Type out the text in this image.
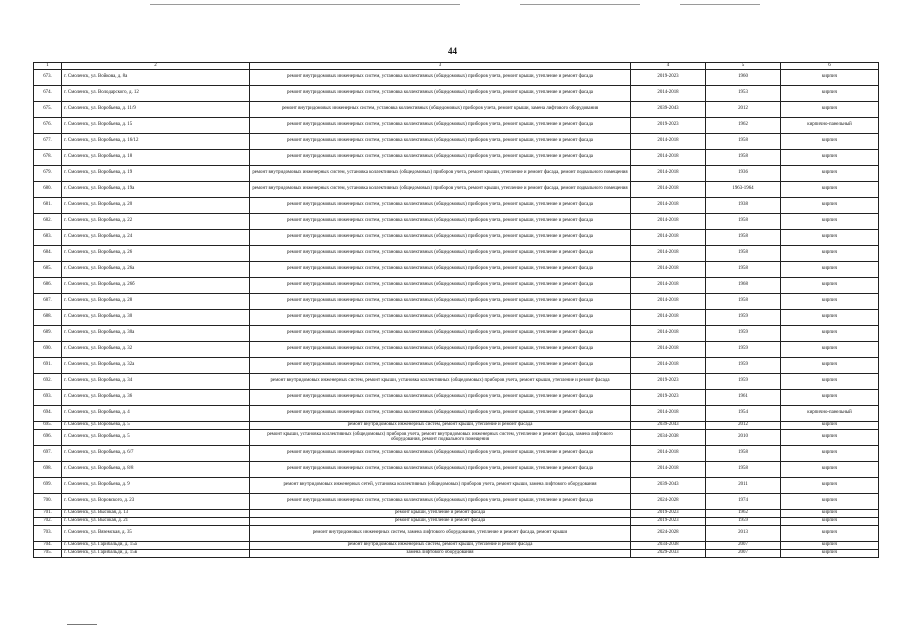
44
1	2	3	4	5	6
673.	г. Смоленск, ул. Войкова, д. 8а	ремонт внутридомовых инженерных систем, установка коллективных (общедомовых) приборов учета, ремонт крыши, утепление и ремонт фасада	2019-2023	1960	кирпич
674.	г. Смоленск, ул. Володарского, д. 12	ремонт внутридомовых инженерных систем, установка коллективных (общедомовых) приборов учета, ремонт крыши, утепление и ремонт фасада	2014-2018	1953	кирпич
675.	г. Смоленск, ул. Воробьева, д. 11/9	ремонт внутридомовых инженерных систем, установка коллективных (общедомовых) приборов учета, ремонт крыши, замена лифтового оборудования	2039-2043	2012	кирпич
676.	г. Смоленск, ул. Воробьева, д. 15	ремонт внутридомовых инженерных систем, установка коллективных (общедомовых) приборов учета, ремонт крыши, утепление и ремонт фасада	2019-2023	1962	кирпично-панельный
677.	г. Смоленск, ул. Воробьева, д. 16/12	ремонт внутридомовых инженерных систем, установка коллективных (общедомовых) приборов учета, ремонт крыши, утепление и ремонт фасада	2014-2018	1958	кирпич
678.	г. Смоленск, ул. Воробьева, д. 18	ремонт внутридомовых инженерных систем, установка коллективных (общедомовых) приборов учета, ремонт крыши, утепление и ремонт фасада	2014-2018	1958	кирпич
679.	г. Смоленск, ул. Воробьева, д. 19	ремонт внутридомовых инженерных систем, установка коллективных (общедомовых) приборов учета, ремонт крыши, утепление и ремонт фасада, ремонт подвального помещения	2014-2018	1936	кирпич
680.	г. Смоленск, ул. Воробьева, д. 19а	ремонт внутридомовых инженерных систем, установка коллективных (общедомовых) приборов учета, ремонт крыши, утепление и ремонт фасада, ремонт подвального помещения	2014-2018	1963-1964	кирпич
681.	г. Смоленск, ул. Воробьева, д. 20	ремонт внутридомовых инженерных систем, установка коллективных (общедомовых) приборов учета, ремонт крыши, утепление и ремонт фасада	2014-2018	1938	кирпич
682.	г. Смоленск, ул. Воробьева, д. 22	ремонт внутридомовых инженерных систем, установка коллективных (общедомовых) приборов учета, ремонт крыши, утепление и ремонт фасада	2014-2018	1958	кирпич
683.	г. Смоленск, ул. Воробьева, д. 24	ремонт внутридомовых инженерных систем, установка коллективных (общедомовых) приборов учета, ремонт крыши, утепление и ремонт фасада	2014-2018	1958	кирпич
684.	г. Смоленск, ул. Воробьева, д. 26	ремонт внутридомовых инженерных систем, установка коллективных (общедомовых) приборов учета, ремонт крыши, утепление и ремонт фасада	2014-2018	1958	кирпич
685.	г. Смоленск, ул. Воробьева, д. 26а	ремонт внутридомовых инженерных систем, установка коллективных (общедомовых) приборов учета, ремонт крыши, утепление и ремонт фасада	2014-2018	1958	кирпич
686.	г. Смоленск, ул. Воробьева, д. 26б	ремонт внутридомовых инженерных систем, установка коллективных (общедомовых) приборов учета, ремонт крыши, утепление и ремонт фасада	2014-2018	1968	кирпич
687.	г. Смоленск, ул. Воробьева, д. 28	ремонт внутридомовых инженерных систем, установка коллективных (общедомовых) приборов учета, ремонт крыши, утепление и ремонт фасада	2014-2018	1958	кирпич
688.	г. Смоленск, ул. Воробьева, д. 30	ремонт внутридомовых инженерных систем, установка коллективных (общедомовых) приборов учета, ремонт крыши, утепление и ремонт фасада	2014-2018	1959	кирпич
689.	г. Смоленск, ул. Воробьева, д. 30а	ремонт внутридомовых инженерных систем, установка коллективных (общедомовых) приборов учета, ремонт крыши, утепление и ремонт фасада	2014-2018	1959	кирпич
690.	г. Смоленск, ул. Воробьева, д. 32	ремонт внутридомовых инженерных систем, установка коллективных (общедомовых) приборов учета, ремонт крыши, утепление и ремонт фасада	2014-2018	1959	кирпич
691.	г. Смоленск, ул. Воробьева, д. 32а	ремонт внутридомовых инженерных систем, установка коллективных (общедомовых) приборов учета, ремонт крыши, утепление и ремонт фасада	2014-2018	1959	кирпич
692.	г. Смоленск, ул. Воробьева, д. 34	ремонт внутридомовых инженерных систем, ремонт крыши, установка коллективных (общедомовых) приборов учета, ремонт крыши, утепление и ремонт фасада	2019-2023	1959	кирпич
693.	г. Смоленск, ул. Воробьева, д. 36	ремонт внутридомовых инженерных систем, установка коллективных (общедомовых) приборов учета, ремонт крыши, утепление и ремонт фасада	2019-2023	1961	кирпич
694.	г. Смоленск, ул. Воробьева, д. 4	ремонт внутридомовых инженерных систем, установка коллективных (общедомовых) приборов учета, ремонт крыши, утепление и ремонт фасада	2014-2018	1954	кирпично-панельный
695.	г. Смоленск, ул. Воробьева, д. 5	ремонт внутридомовых инженерных систем, ремонт крыши, утепление и ремонт фасада	2039-2043	2012	кирпич
696.	г. Смоленск, ул. Воробьева, д. 5	ремонт крыши, установка коллективных (общедомовых) приборов учета, ремонт внутридомовых инженерных систем, утепление и ремонт фасада, замена лифтового оборудования, ремонт подвального помещения	2034-2038	2010	кирпич
697.	г. Смоленск, ул. Воробьева, д. 6/7	ремонт внутридомовых инженерных систем, установка коллективных (общедомовых) приборов учета, ремонт крыши, утепление и ремонт фасада	2014-2018	1958	кирпич
698.	г. Смоленск, ул. Воробьева, д. 8/8	ремонт внутридомовых инженерных систем, установка коллективных (общедомовых) приборов учета, ремонт крыши, утепление и ремонт фасада	2014-2018	1958	кирпич
699.	г. Смоленск, ул. Воробьева, д. 9	ремонт внутридомовых инженерных сетей, установка коллективных (общедомовых) приборов учета, ремонт крыши, замена лифтового оборудования	2039-2043	2011	кирпич
700.	г. Смоленск, ул. Воровского, д. 23	ремонт внутридомовых инженерных систем, установка коллективных (общедомовых) приборов учета, ремонт крыши, утепление и ремонт фасада	2024-2028	1974	кирпич
701.	г. Смоленск, ул. Высокая, д. 13	ремонт крыши, утепление и ремонт фасада	2019-2023	1962	кирпич
702.	г. Смоленск, ул. Высокая, д. 21	ремонт крыши, утепление и ремонт фасада	2019-2023	1959	кирпич
703.	г. Смоленск, ул. Вяземская, д. 35	ремонт внутридомовых инженерных систем, замена лифтового оборудования, утепление и ремонт фасада, ремонт крыши	2024-2028	2013	кирпич
704.	г. Смоленск, ул. Гарибальди, д. 15а	ремонт внутридомовых инженерных систем, ремонт крыши, утепление и ремонт фасада	2034-2038	2007	кирпич
705.	г. Смоленск, ул. Гарибальди, д. 15в	замена лифтового оборудования	2029-2033	2007	кирпич
